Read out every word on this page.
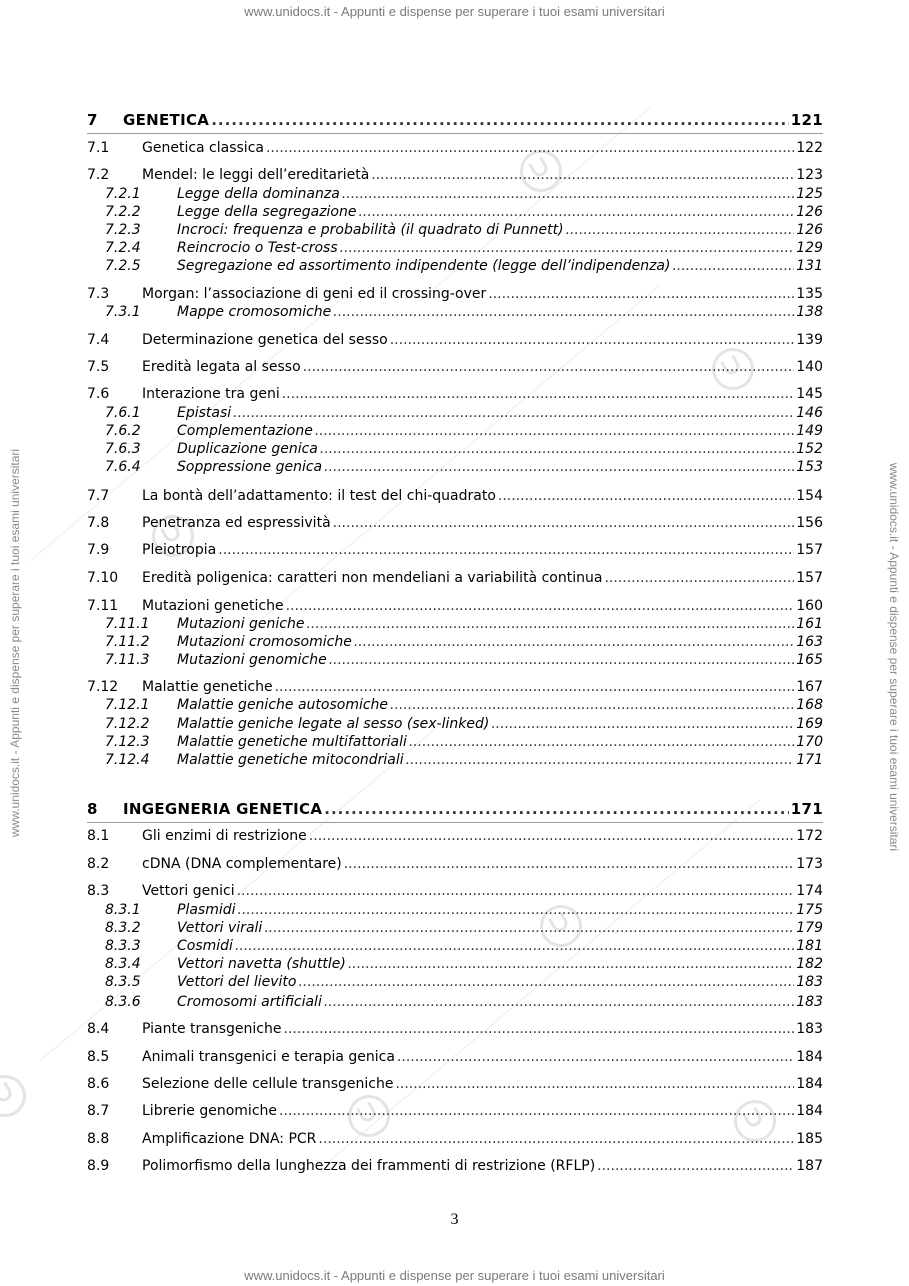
www.unidocs.it - Appunti e dispense per superare i tuoi esami universitari
www.unidocs.it - Appunti e dispense per superare i tuoi esami universitari
www.unidocs.it - Appunti e dispense per superare i tuoi esami universitari	www.unidocs.it - Appunti e dispense per superare i tuoi esami universitari
7	GENETICA .....	121
7.1	Genetica classica .....	122
7.2	Mendel: le leggi dell’ereditarietà .....	123
7.2.1	Legge della dominanza .....	125
7.2.2	Legge della segregazione .....	126
7.2.3	Incroci: frequenza e probabilità (il quadrato di Punnett) .....	126
7.2.4	Reincrocio o Test-cross .....	129
7.2.5	Segregazione ed assortimento indipendente (legge dell’indipendenza) .....	131
7.3	Morgan: l’associazione di geni ed il crossing-over .....	135
7.3.1	Mappe cromosomiche .....	138
7.4	Determinazione genetica del sesso .....	139
7.5	Eredità legata al sesso .....	140
7.6	Interazione tra geni .....	145
7.6.1	Epistasi .....	146
7.6.2	Complementazione .....	149
7.6.3	Duplicazione genica .....	152
7.6.4	Soppressione genica .....	153
7.7	La bontà dell’adattamento: il test del chi-quadrato .....	154
7.8	Penetranza ed espressività .....	156
7.9	Pleiotropia .....	157
7.10	Eredità poligenica: caratteri non mendeliani a variabilità continua .....	157
7.11	Mutazioni genetiche .....	160
7.11.1	Mutazioni geniche .....	161
7.11.2	Mutazioni cromosomiche .....	163
7.11.3	Mutazioni genomiche .....	165
7.12	Malattie genetiche .....	167
7.12.1	Malattie geniche autosomiche .....	168
7.12.2	Malattie geniche legate al sesso (sex-linked) .....	169
7.12.3	Malattie genetiche multifattoriali .....	170
7.12.4	Malattie genetiche mitocondriali .....	171
8	INGEGNERIA GENETICA .....	171
8.1	Gli enzimi di restrizione .....	172
8.2	cDNA (DNA complementare) .....	173
8.3	Vettori genici .....	174
8.3.1	Plasmidi .....	175
8.3.2	Vettori virali .....	179
8.3.3	Cosmidi .....	181
8.3.4	Vettori navetta (shuttle) .....	182
8.3.5	Vettori del lievito .....	183
8.3.6	Cromosomi artificiali .....	183
8.4	Piante transgeniche .....	183
8.5	Animali transgenici e terapia genica .....	184
8.6	Selezione delle cellule transgeniche .....	184
8.7	Librerie genomiche .....	184
8.8	Amplificazione DNA: PCR .....	185
8.9	Polimorfismo della lunghezza dei frammenti di restrizione (RFLP) .....	187
3
